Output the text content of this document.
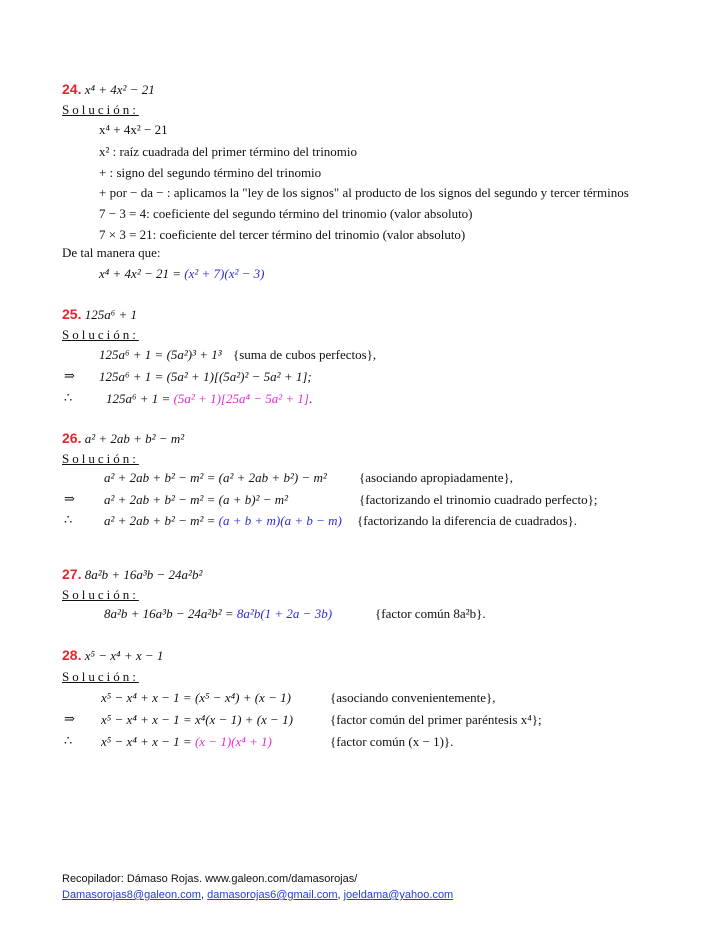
24. x⁴ + 4x² − 21
Solución:
x⁴ + 4x² − 21
x² : raíz cuadrada del primer término del trinomio
+ : signo del segundo término del trinomio
+ por − da − : aplicamos la "ley de los signos" al producto de los signos del segundo y tercer términos
7 − 3 = 4: coeficiente del segundo término del trinomio (valor absoluto)
7 × 3 = 21: coeficiente del tercer término del trinomio (valor absoluto)
De tal manera que:
x⁴ + 4x² − 21 = (x² + 7)(x² − 3)
25. 125a⁶ + 1
Solución:
125a⁶ + 1 = (5a²)³ + 1³ {suma de cubos perfectos},
⇒ 125a⁶ + 1 = (5a² + 1)[(5a²)² − 5a² + 1];
∴	125a⁶ + 1 = (5a² + 1)[25a⁴ − 5a² + 1].
26. a² + 2ab + b² − m²
Solución:
a² + 2ab + b² − m² = (a² + 2ab + b²) − m² {asociando apropiadamente},
⇒ a² + 2ab + b² − m² = (a + b)² − m²	{factorizando el trinomio cuadrado perfecto};
∴ a² + 2ab + b² − m² = (a + b + m)(a + b − m) {factorizando la diferencia de cuadrados}.
27. 8a²b + 16a³b − 24a²b²
Solución:
8a²b + 16a³b − 24a²b² = 8a²b(1 + 2a − 3b)	{factor común 8a²b}.
28. x⁵ − x⁴ + x − 1
Solución:
x⁵ − x⁴ + x − 1 = (x⁵ − x⁴) + (x − 1)	{asociando convenientemente},
⇒ x⁵ − x⁴ + x − 1 = x⁴(x − 1) + (x − 1)	{factor común del primer paréntesis x⁴};
∴ x⁵ − x⁴ + x − 1 = (x − 1)(x⁴ + 1)	{factor común (x − 1)}.
Recopilador: Dámaso Rojas. www.galeon.com/damasorojas/
Damasorojas8@galeon.com, damasorojas6@gmail.com, joeldama@yahoo.com
